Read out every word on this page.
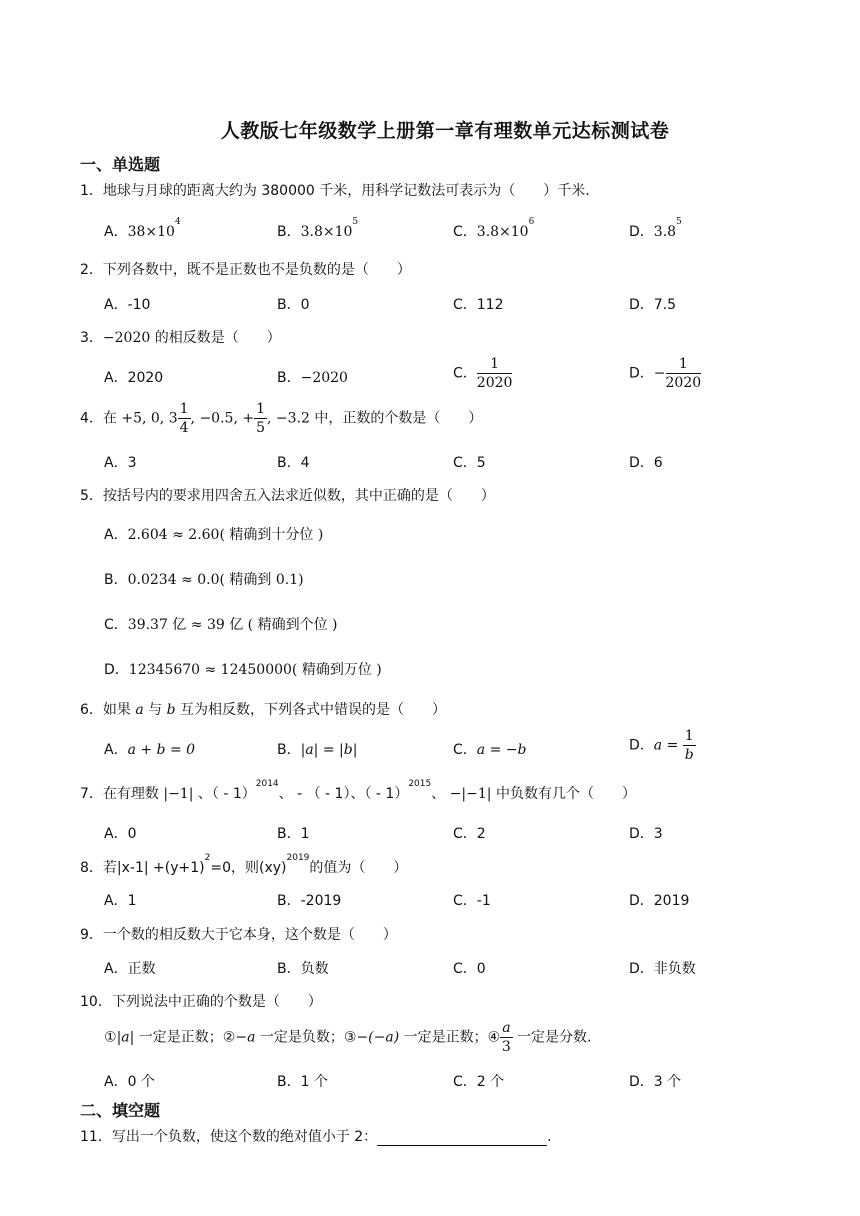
人教版七年级数学上册第一章有理数单元达标测试卷
一、单选题
1．地球与月球的距离大约为 380000 千米，用科学记数法可表示为（　　）千米.
A．$38\times 10^4$
B．$3.8\times 10^5$
C．$3.8\times 10^6$
D．$3.8^5$
2．下列各数中，既不是正数也不是负数的是（　　）
A．-10	B．0	C．112	D．7.5
3．−2020 的相反数是（　　）
A．2020	B．−2020	C． $\frac{1}{2020}$	D．− $\frac{1}{2020}$
4．在 +5, 0, $3 \frac{1}{4}$ , −0.5, + $\frac{1}{5}$ , −3.2 中，正数的个数是（　　）
A．3	B．4	C．5	D．6
5．按括号内的要求用四舍五入法求近似数，其中正确的是（　　）
A．2.604 ≈ 2.60( 精确到十分位 )
B．0.0234 ≈ 0.0( 精确到 0.1)
C．39.37 亿 ≈ 39 亿 ( 精确到个位 )
D．12345670 ≈ 12450000( 精确到万位 )
6．如果 a 与 b 互为相反数，下列各式中错误的是（　　）
A．a + b = 0	B．|a| = |b|	C．a = −b	D．$a = \frac{1}{b}$
7．在有理数 |−1| 、（ - 1）$^{2014}$、 - （ - 1）、（ - 1）$^{2015}$、 −|−1| 中负数有几个（　　）
A．0	B．1	C．2	D．3
8．若$|x-1| +(y+1)^2=0$，则(xy)$^{2019}$的值为（　　）
A．1	B．-2019	C．-1	D．2019
9．一个数的相反数大于它本身，这个数是（　　）
A．正数	B．负数	C．0	D．非负数
10．下列说法中正确的个数是（　　）
①|a| 一定是正数；②−a 一定是负数；③−(−a) 一定是正数；④ $\frac{a}{3}$ 一定是分数.
A．0 个	B．1 个	C．2 个	D．3 个
二、填空题
11．写出一个负数，使这个数的绝对值小于 2：	.
